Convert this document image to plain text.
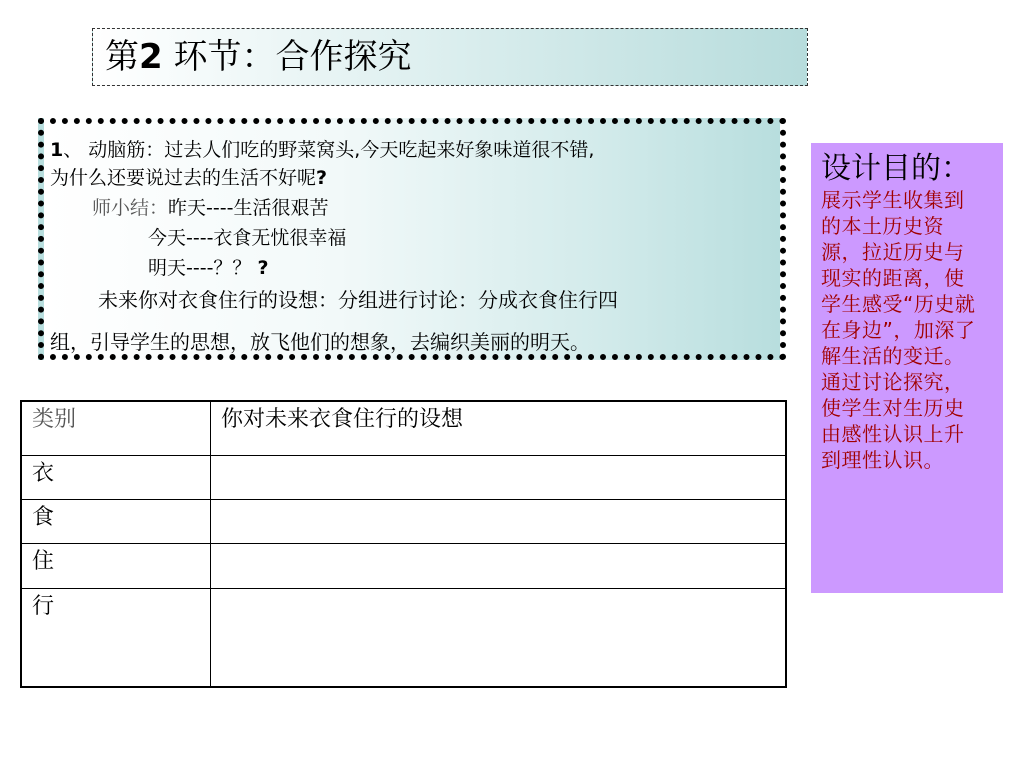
第2 环节：合作探究
1、 动脑筋：过去人们吃的野菜窝头,今天吃起来好象味道很不错,
为什么还要说过去的生活不好呢?
师小结：昨天----生活很艰苦
今天----衣食无忧很幸福
明天----？？ ?
未来你对衣食住行的设想：分组进行讨论：分成衣食住行四
组，引导学生的思想，放飞他们的想象，去编织美丽的明天。
设计目的：
展示学生收集到的本土历史资源，拉近历史与现实的距离，使学生感受“历史就在身边”，加深了解生活的变迁。通过讨论探究，使学生对生历史由感性认识上升到理性认识。
类别	你对未来衣食住行的设想
衣	
食	
住	
行	
